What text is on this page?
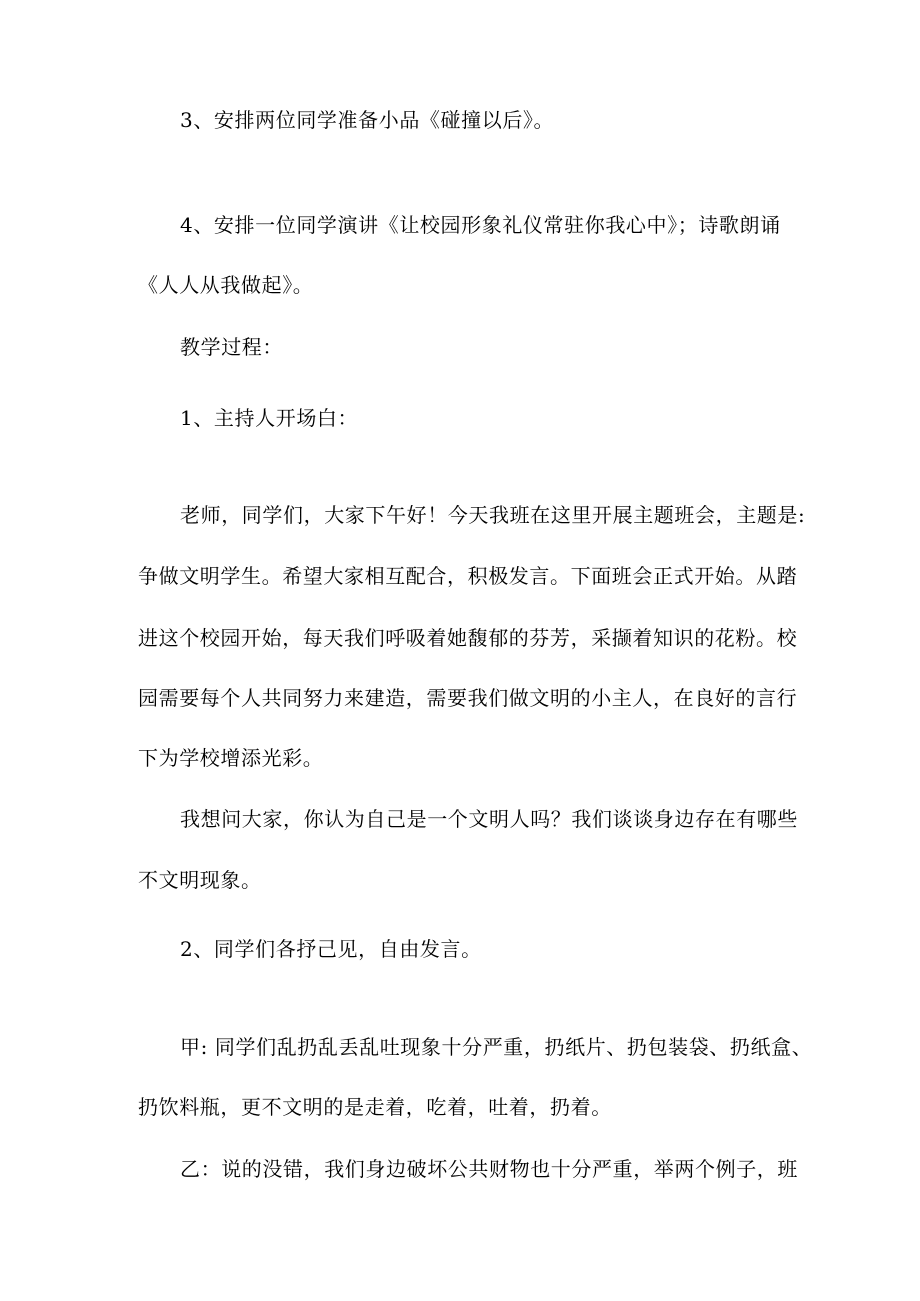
3、安排两位同学准备小品《碰撞以后》。
4、安排一位同学演讲《让校园形象礼仪常驻你我心中》；诗歌朗诵
《人人从我做起》。
教学过程：
1、主持人开场白：
老师，同学们，大家下午好！今天我班在这里开展主题班会，主题是:
争做文明学生。希望大家相互配合，积极发言。下面班会正式开始。从踏
进这个校园开始，每天我们呼吸着她馥郁的芬芳，采撷着知识的花粉。校
园需要每个人共同努力来建造，需要我们做文明的小主人，在良好的言行
下为学校增添光彩。
我想问大家，你认为自己是一个文明人吗？我们谈谈身边存在有哪些
不文明现象。
2、同学们各抒己见，自由发言。
甲: 同学们乱扔乱丢乱吐现象十分严重，扔纸片、扔包装袋、扔纸盒、
扔饮料瓶，更不文明的是走着，吃着，吐着，扔着。
乙：说的没错，我们身边破坏公共财物也十分严重，举两个例子，班
